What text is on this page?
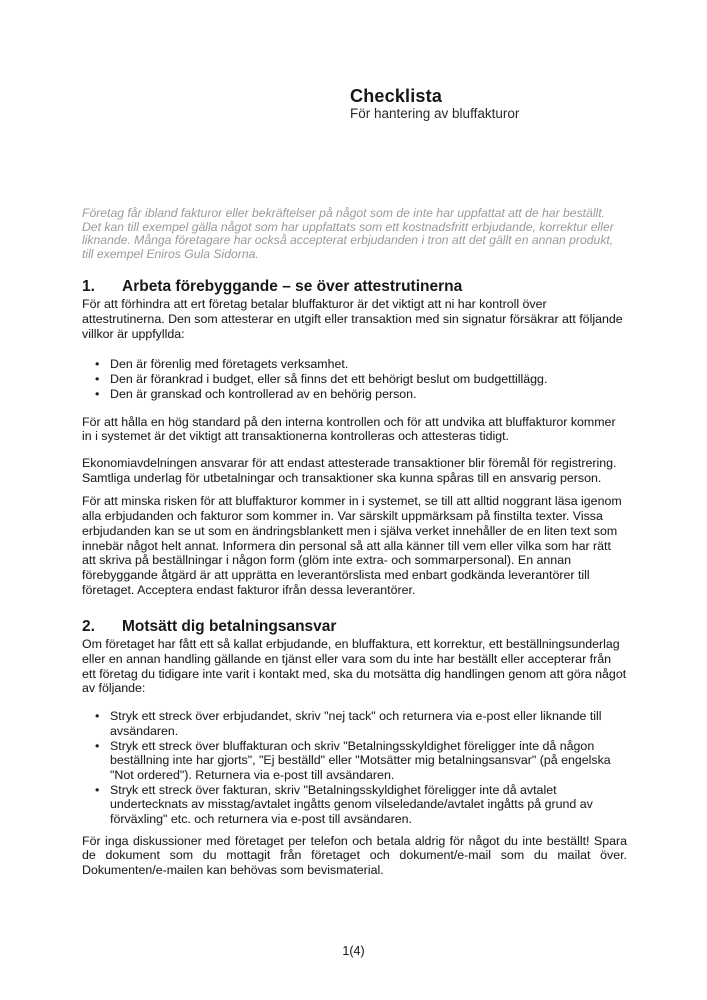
Checklista

För hantering av bluffakturor

Företag får ibland fakturor eller bekräftelser på något som de inte har uppfattat att de har beställt. Det kan till exempel gälla något som har uppfattats som ett kostnadsfritt erbjudande, korrektur eller liknande. Många företagare har också accepterat erbjudanden i tron att det gällt en annan produkt, till exempel Eniros Gula Sidorna.

1. Arbeta förebyggande – se över attestrutinerna

För att förhindra att ert företag betalar bluffakturor är det viktigt att ni har kontroll över attestrutinerna. Den som attesterar en utgift eller transaktion med sin signatur försäkrar att följande villkor är uppfyllda:

• Den är förenlig med företagets verksamhet.
• Den är förankrad i budget, eller så finns det ett behörigt beslut om budgettillägg.
• Den är granskad och kontrollerad av en behörig person.

För att hålla en hög standard på den interna kontrollen och för att undvika att bluffakturor kommer in i systemet är det viktigt att transaktionerna kontrolleras och attesteras tidigt.

Ekonomiavdelningen ansvarar för att endast attesterade transaktioner blir föremål för registrering. Samtliga underlag för utbetalningar och transaktioner ska kunna spåras till en ansvarig person.

För att minska risken för att bluffakturor kommer in i systemet, se till att alltid noggrant läsa igenom alla erbjudanden och fakturor som kommer in. Var särskilt uppmärksam på finstilta texter. Vissa erbjudanden kan se ut som en ändringsblankett men i själva verket innehåller de en liten text som innebär något helt annat. Informera din personal så att alla känner till vem eller vilka som har rätt att skriva på beställningar i någon form (glöm inte extra- och sommarpersonal). En annan förebyggande åtgärd är att upprätta en leverantörslista med enbart godkända leverantörer till företaget. Acceptera endast fakturor ifrån dessa leverantörer.

2. Motsätt dig betalningsansvar

Om företaget har fått ett så kallat erbjudande, en bluffaktura, ett korrektur, ett beställningsunderlag eller en annan handling gällande en tjänst eller vara som du inte har beställt eller accepterar från ett företag du tidigare inte varit i kontakt med, ska du motsätta dig handlingen genom att göra något av följande:

• Stryk ett streck över erbjudandet, skriv "nej tack" och returnera via e-post eller liknande till avsändaren.
• Stryk ett streck över bluffakturan och skriv "Betalningsskyldighet föreligger inte då någon beställning inte har gjorts", "Ej beställd" eller "Motsätter mig betalningsansvar" (på engelska "Not ordered"). Returnera via e-post till avsändaren.
• Stryk ett streck över fakturan, skriv "Betalningsskyldighet föreligger inte då avtalet undertecknats av misstag/avtalet ingåtts genom vilseledande/avtalet ingåtts på grund av förväxling" etc. och returnera via e-post till avsändaren.

För inga diskussioner med företaget per telefon och betala aldrig för något du inte beställt! Spara de dokument som du mottagit från företaget och dokument/e-mail som du mailat över. Dokumenten/e-mailen kan behövas som bevismaterial.

1(4)
